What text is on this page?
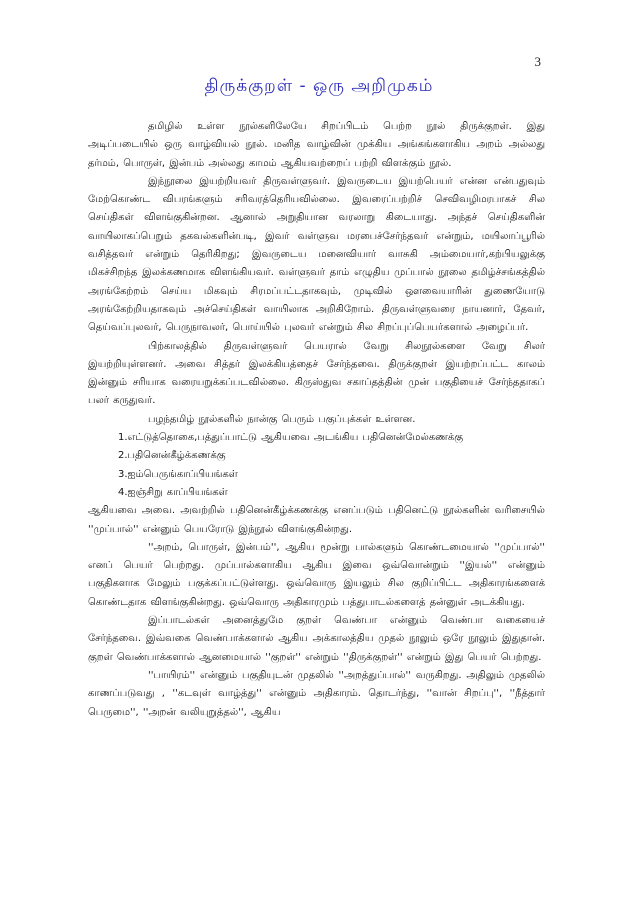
3
திருக்குறள் - ஒரு அறிமுகம்

தமிழில் உள்ள நூல்களிலேயே சிறப்பிடம் பெற்ற நூல் திருக்குறள். இது அடிப்படையில் ஒரு வாழ்வியல் நூல். மனித வாழ்வின் முக்கிய அங்கங்களாகிய அறம் அல்லது தர்மம், பொருள், இன்பம் அல்லது காமம் ஆகியவற்றைப் பற்றி விளக்கும் நூல்.

இந்நூலை இயற்றியவர் திருவள்ளுவர். இவருடைய இயற்பெயர் என்ன என்பதுவும் மேற்கொண்ட விபரங்களும் சரிவரத்தெரியவில்லை. இவரைப்பற்றிச் செவிவழிமரபாகச் சில செய்திகள் விளங்குகின்றன. ஆனால் அறுதியான வரலாறு கிடையாது. அந்தச் செய்திகளின் வாயிலாகப்பெறும் தகவல்களின்படி, இவர் வள்ளுவ மரபைச்சேர்ந்தவர் என்றும், மயிலாப்பூரில் வசித்தவர் என்றும் தெரிகிறது; இவருடைய மனைவியார் வாசுகி அம்மையார்,கற்பியலுக்கு மிகச்சிறந்த இலக்கணமாக விளங்கியவர். வள்ளுவர் தாம் எழுதிய முப்பால் நூலை தமிழ்ச்சங்கத்தில் அரங்கேற்றம் செய்ய மிகவும் சிரமப்பட்டதாகவும், முடிவில் ஔவையாரின் துணையோடு அரங்கேற்றியதாகவும் அச்செய்திகள் வாயிலாக அறிகிறோம். திருவள்ளுவரை நாயனார், தேவர், தெய்வப்புலவர், பெருநாவலர், பொய்யில் புலவர் என்றும் சில சிறப்புப்பெயர்களால் அழைப்பர்.

பிற்காலத்தில் திருவள்ளுவர் பெயரால் வேறு சிலநூல்களை வேறு சிலர் இயற்றியுள்ளனர். அவை சித்தர் இலக்கியத்தைச் சேர்ந்தவை. திருக்குறள் இயற்றப்பட்ட காலம் இன்னும் சரியாக வரையறுக்கப்படவில்லை. கிருஸ்துவ சகாப்தத்தின் முன் பகுதியைச் சேர்ந்ததாகப் பலர் கருதுவர்.

பழந்தமிழ் நூல்களில் நான்கு பெரும் பகுப்புக்கள் உள்ளன.

1.எட்டுத்தொகை,பத்துப்பாட்டு ஆகியவை அடங்கிய பதினென்மேல்கணக்கு
2.பதினென்கீழ்க்கணக்கு
3.ஐம்பெருங்காப்பியங்கள்
4.ஐஞ்சிறு காப்பியங்கள்

ஆகியவை அவை. அவற்றில் பதினென்கீழ்க்கணக்கு எனப்படும் பதினெட்டு நூல்களின் வரிசையில் ''முப்பால்'' என்னும் பெயரோடு இந்நூல் விளங்குகின்றது.

''அறம், பொருள், இன்பம்'', ஆகிய மூன்று பால்களும் கொண்டமையால் ''முப்பால்'' எனப் பெயர் பெற்றது. முப்பால்களாகிய ஆகிய இவை ஒவ்வொன்றும் ''இயல்'' என்னும் பகுதிகளாக மேலும் பகுக்கப்பட்டுள்ளது. ஒவ்வொரு இயலும் சில குறிப்பிட்ட அதிகாரங்களைக் கொண்டதாக விளங்குகின்றது. ஒவ்வொரு அதிகாரமும் பத்துபாடல்களைத் தன்னுள் அடக்கியது.

இப்பாடல்கள் அனைத்துமே குறள் வெண்பா என்னும் வெண்பா வகையைச் சேர்ந்தவை. இவ்வகை வெண்பாக்களால் ஆகிய அக்காலத்திய முதல் நூலும் ஒரே நூலும் இதுதான். குறள் வெண்பாக்களால் ஆனமையால் ''குறள்'' என்றும் ''திருக்குறள்'' என்றும் இது பெயர் பெற்றது.

''பாயிரம்'' என்னும் பகுதியுடன் முதலில் ''அறத்துப்பால்'' வருகிறது. அதிலும் முதலில் காணப்படுவது , ''கடவுள் வாழ்த்து'' என்னும் அதிகாரம். தொடர்ந்து, ''வான் சிறப்பு'', ''நீத்தார் பெருமை'', ''அறன் வலியுறுத்தல்'', ஆகிய
